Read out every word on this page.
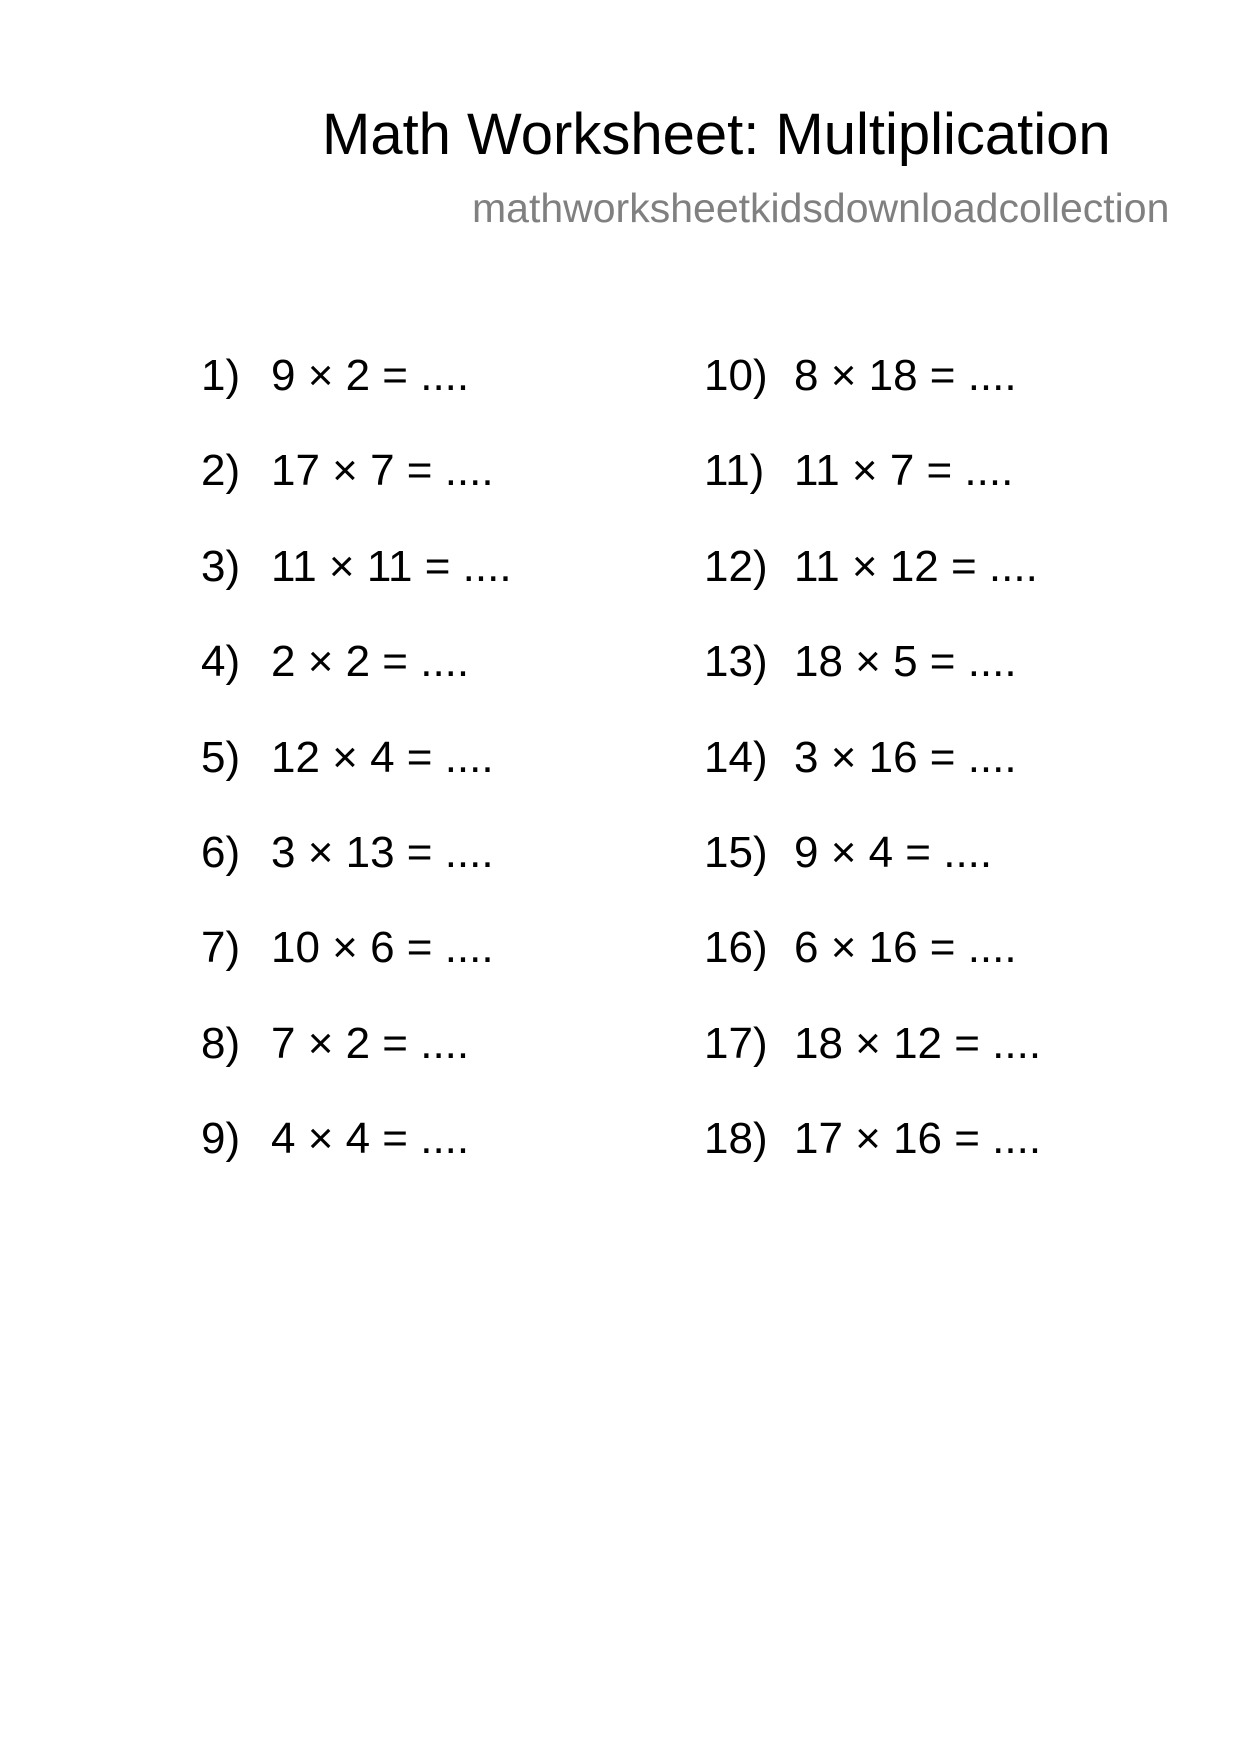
Math Worksheet: Multiplication
mathworksheetkidsdownloadcollection
1) 9 × 2 = ....
2) 17 × 7 = ....
3) 11 × 11 = ....
4) 2 × 2 = ....
5) 12 × 4 = ....
6) 3 × 13 = ....
7) 10 × 6 = ....
8) 7 × 2 = ....
9) 4 × 4 = ....
10) 8 × 18 = ....
11) 11 × 7 = ....
12) 11 × 12 = ....
13) 18 × 5 = ....
14) 3 × 16 = ....
15) 9 × 4 = ....
16) 6 × 16 = ....
17) 18 × 12 = ....
18) 17 × 16 = ....
